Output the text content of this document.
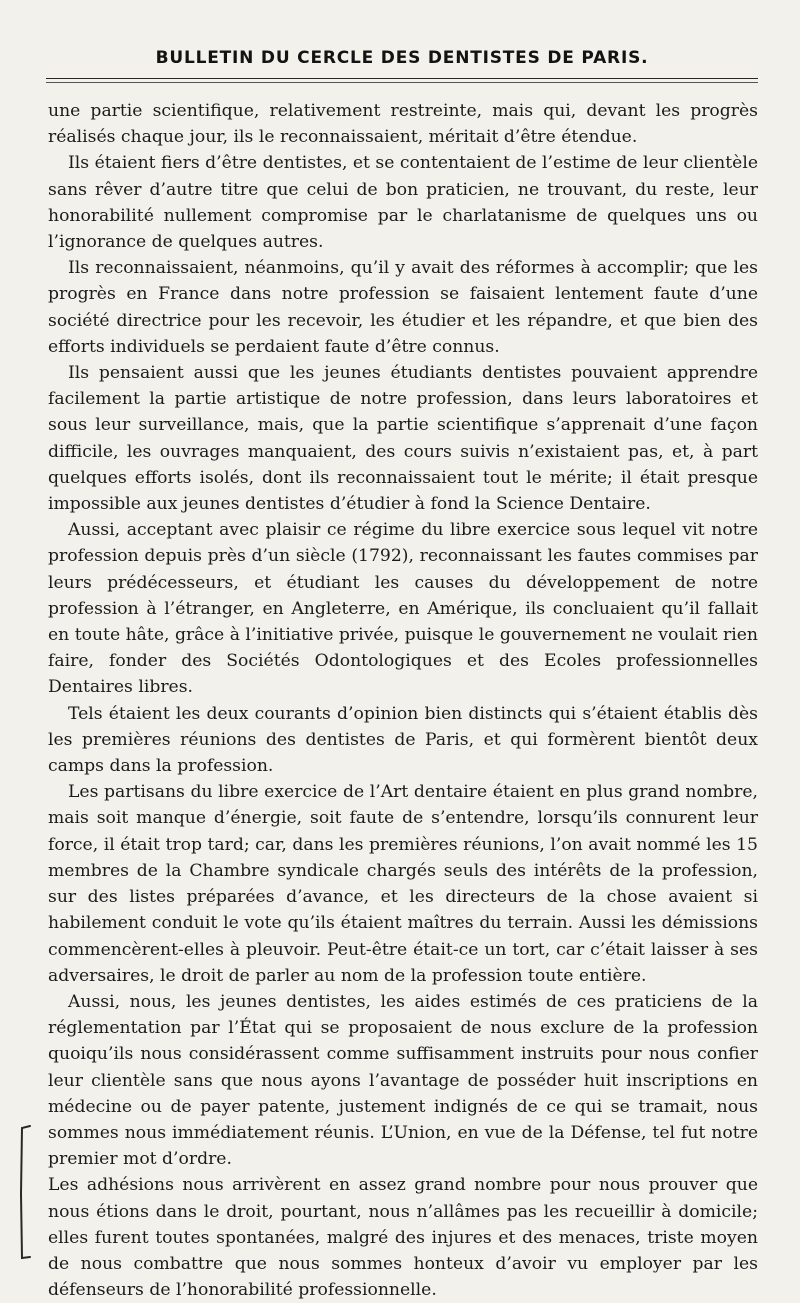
BULLETIN DU CERCLE DES DENTISTES DE PARIS.

une partie scientifique, relativement restreinte, mais qui, devant les progrès réalisés chaque jour, ils le reconnaissaient, méritait d’être étendue.

Ils étaient fiers d’être dentistes, et se contentaient de l’estime de leur clientèle sans rêver d’autre titre que celui de bon praticien, ne trouvant, du reste, leur honorabilité nullement compromise par le charlatanisme de quelques uns ou l’ignorance de quelques autres.

Ils reconnaissaient, néanmoins, qu’il y avait des réformes à accomplir; que les progrès en France dans notre profession se faisaient lentement faute d’une société directrice pour les recevoir, les étudier et les répandre, et que bien des efforts individuels se perdaient faute d’être connus.

Ils pensaient aussi que les jeunes étudiants dentistes pouvaient apprendre facilement la partie artistique de notre profession, dans leurs laboratoires et sous leur surveillance, mais, que la partie scientifique s’apprenait d’une façon difficile, les ouvrages manquaient, des cours suivis n’existaient pas, et, à part quelques efforts isolés, dont ils reconnaissaient tout le mérite; il était presque impossible aux jeunes dentistes d’étudier à fond la Science Dentaire.

Aussi, acceptant avec plaisir ce régime du libre exercice sous lequel vit notre profession depuis près d’un siècle (1792), reconnaissant les fautes commises par leurs prédécesseurs, et étudiant les causes du développement de notre profession à l’étranger, en Angleterre, en Amérique, ils concluaient qu’il fallait en toute hâte, grâce à l’initiative privée, puisque le gouvernement ne voulait rien faire, fonder des Sociétés Odontologiques et des Ecoles professionnelles Dentaires libres.

Tels étaient les deux courants d’opinion bien distincts qui s’étaient établis dès les premières réunions des dentistes de Paris, et qui formèrent bientôt deux camps dans la profession.

Les partisans du libre exercice de l’Art dentaire étaient en plus grand nombre, mais soit manque d’énergie, soit faute de s’entendre, lorsqu’ils connurent leur force, il était trop tard; car, dans les premières réunions, l’on avait nommé les 15 membres de la Chambre syndicale chargés seuls des intérêts de la profession, sur des listes préparées d’avance, et les directeurs de la chose avaient si habilement conduit le vote qu’ils étaient maîtres du terrain. Aussi les démissions commencèrent-elles à pleuvoir. Peut-être était-ce un tort, car c’était laisser à ses adversaires, le droit de parler au nom de la profession toute entière.

Aussi, nous, les jeunes dentistes, les aides estimés de ces praticiens de la réglementation par l’État qui se proposaient de nous exclure de la profession quoiqu’ils nous considérassent comme suffisamment instruits pour nous confier leur clientèle sans que nous ayons l’avantage de posséder huit inscriptions en médecine ou de payer patente, justement indignés de ce qui se tramait, nous sommes nous immédiatement réunis. L’Union, en vue de la Défense, tel fut notre premier mot d’ordre.

Les adhésions nous arrivèrent en assez grand nombre pour nous prouver que nous étions dans le droit, pourtant, nous n’allâmes pas les recueillir à domicile; elles furent toutes spontanées, malgré des injures et des menaces, triste moyen de nous combattre que nous sommes honteux d’avoir vu employer par les défenseurs de l’honorabilité professionnelle.
